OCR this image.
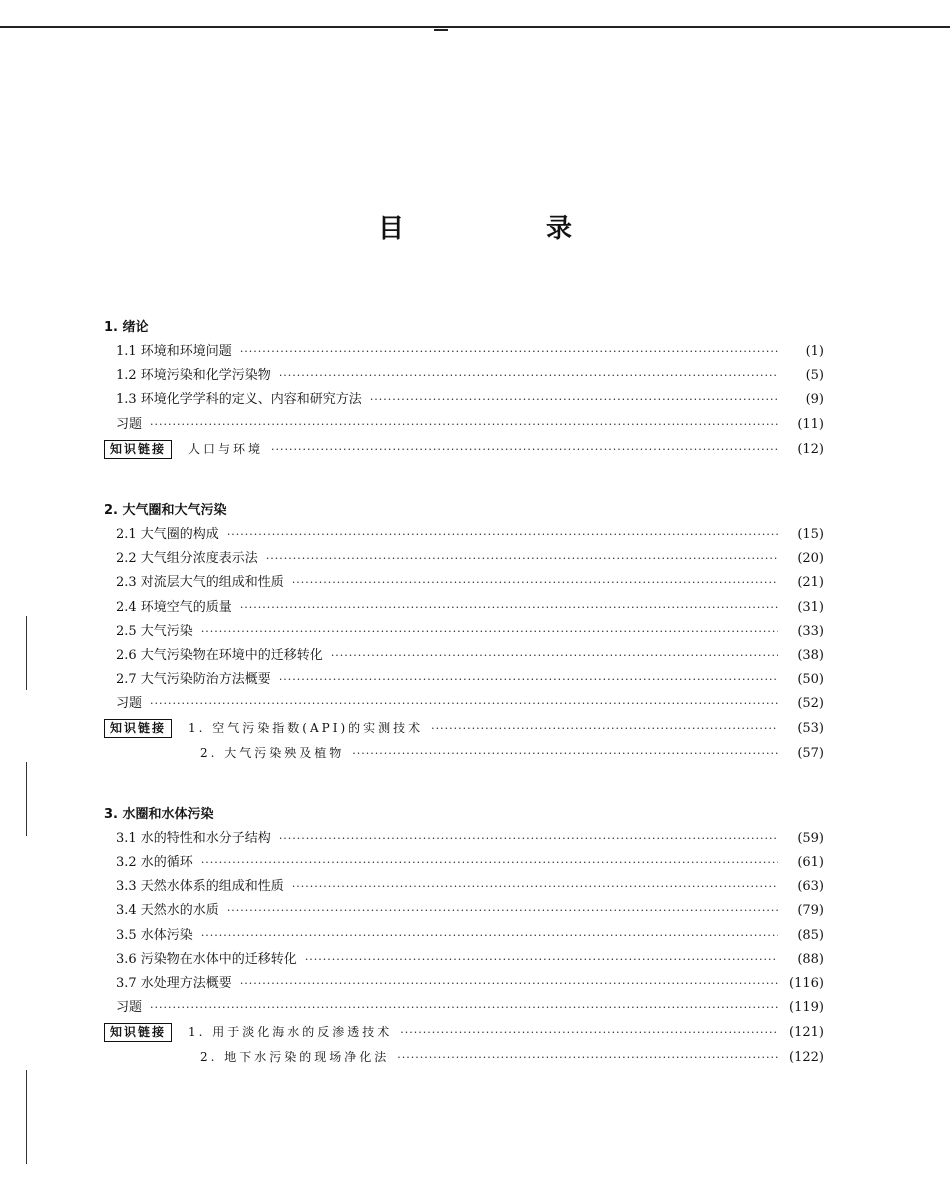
目　录
1. 绪论
1.1 环境和环境问题 ·····	(1)
1.2 环境污染和化学污染物 ·····	(5)
1.3 环境化学学科的定义、内容和研究方法 ·····	(9)
习题 ·····	(11)
知识链接	人口与环境 ·····	(12)
2. 大气圈和大气污染
2.1 大气圈的构成 ·····	(15)
2.2 大气组分浓度表示法 ·····	(20)
2.3 对流层大气的组成和性质 ·····	(21)
2.4 环境空气的质量 ·····	(31)
2.5 大气污染 ·····	(33)
2.6 大气污染物在环境中的迁移转化 ·····	(38)
2.7 大气污染防治方法概要 ·····	(50)
习题 ·····	(52)
知识链接	1. 空气污染指数(API)的实测技术 ·····	(53)
2. 大气污染殃及植物 ·····	(57)
3. 水圈和水体污染
3.1 水的特性和水分子结构 ·····	(59)
3.2 水的循环 ·····	(61)
3.3 天然水体系的组成和性质 ·····	(63)
3.4 天然水的水质 ·····	(79)
3.5 水体污染 ·····	(85)
3.6 污染物在水体中的迁移转化 ·····	(88)
3.7 水处理方法概要 ·····	(116)
习题 ·····	(119)
知识链接	1. 用于淡化海水的反渗透技术 ·····	(121)
2. 地下水污染的现场净化法 ·····	(122)
